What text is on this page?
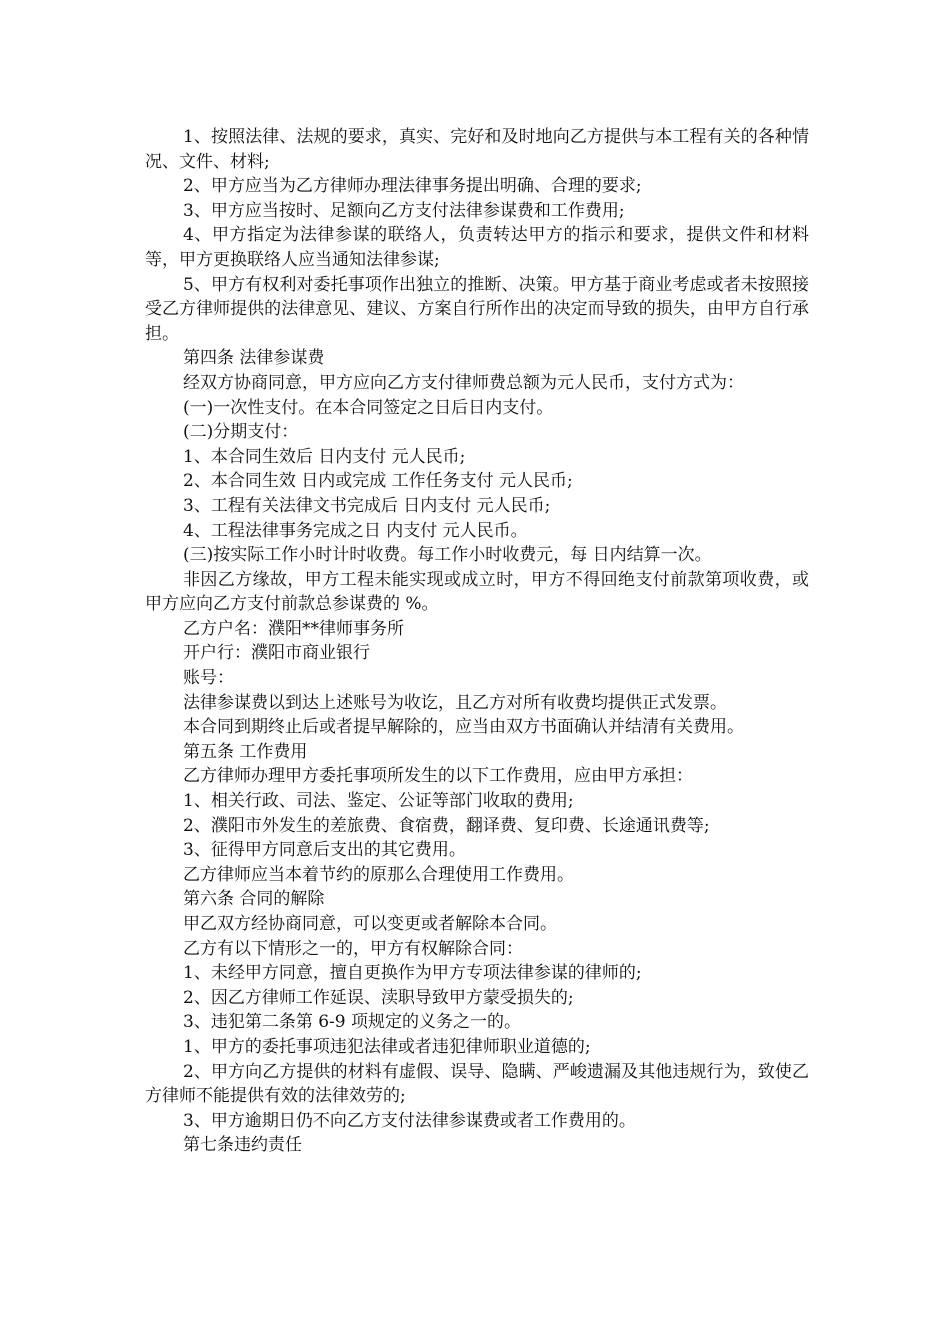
1、按照法律、法规的要求，真实、完好和及时地向乙方提供与本工程有关的各种情况、文件、材料;

2、甲方应当为乙方律师办理法律事务提出明确、合理的要求;

3、甲方应当按时、足额向乙方支付法律参谋费和工作费用;

4、甲方指定为法律参谋的联络人，负责转达甲方的指示和要求，提供文件和材料等，甲方更换联络人应当通知法律参谋;

5、甲方有权利对委托事项作出独立的推断、决策。甲方基于商业考虑或者未按照接受乙方律师提供的法律意见、建议、方案自行所作出的决定而导致的损失，由甲方自行承担。

第四条 法律参谋费

经双方协商同意，甲方应向乙方支付律师费总额为元人民币，支付方式为：

(一)一次性支付。在本合同签定之日后日内支付。

(二)分期支付：

1、本合同生效后 日内支付 元人民币;

2、本合同生效 日内或完成 工作任务支付 元人民币;

3、工程有关法律文书完成后 日内支付 元人民币;

4、工程法律事务完成之日 内支付 元人民币。

(三)按实际工作小时计时收费。每工作小时收费元，每 日内结算一次。

非因乙方缘故，甲方工程未能实现或成立时，甲方不得回绝支付前款第项收费，或甲方应向乙方支付前款总参谋费的 %。

乙方户名：濮阳**律师事务所

开户行：濮阳市商业银行

账号：

法律参谋费以到达上述账号为收讫，且乙方对所有收费均提供正式发票。

本合同到期终止后或者提早解除的，应当由双方书面确认并结清有关费用。

第五条 工作费用

乙方律师办理甲方委托事项所发生的以下工作费用，应由甲方承担：

1、相关行政、司法、鉴定、公证等部门收取的费用;

2、濮阳市外发生的差旅费、食宿费，翻译费、复印费、长途通讯费等;

3、征得甲方同意后支出的其它费用。

乙方律师应当本着节约的原那么合理使用工作费用。

第六条 合同的解除

甲乙双方经协商同意，可以变更或者解除本合同。

乙方有以下情形之一的，甲方有权解除合同：

1、未经甲方同意，擅自更换作为甲方专项法律参谋的律师的;

2、因乙方律师工作延误、渎职导致甲方蒙受损失的;

3、违犯第二条第 6-9 项规定的义务之一的。

1、甲方的委托事项违犯法律或者违犯律师职业道德的;

2、甲方向乙方提供的材料有虚假、误导、隐瞒、严峻遗漏及其他违规行为，致使乙方律师不能提供有效的法律效劳的;

3、甲方逾期日仍不向乙方支付法律参谋费或者工作费用的。

第七条违约责任
